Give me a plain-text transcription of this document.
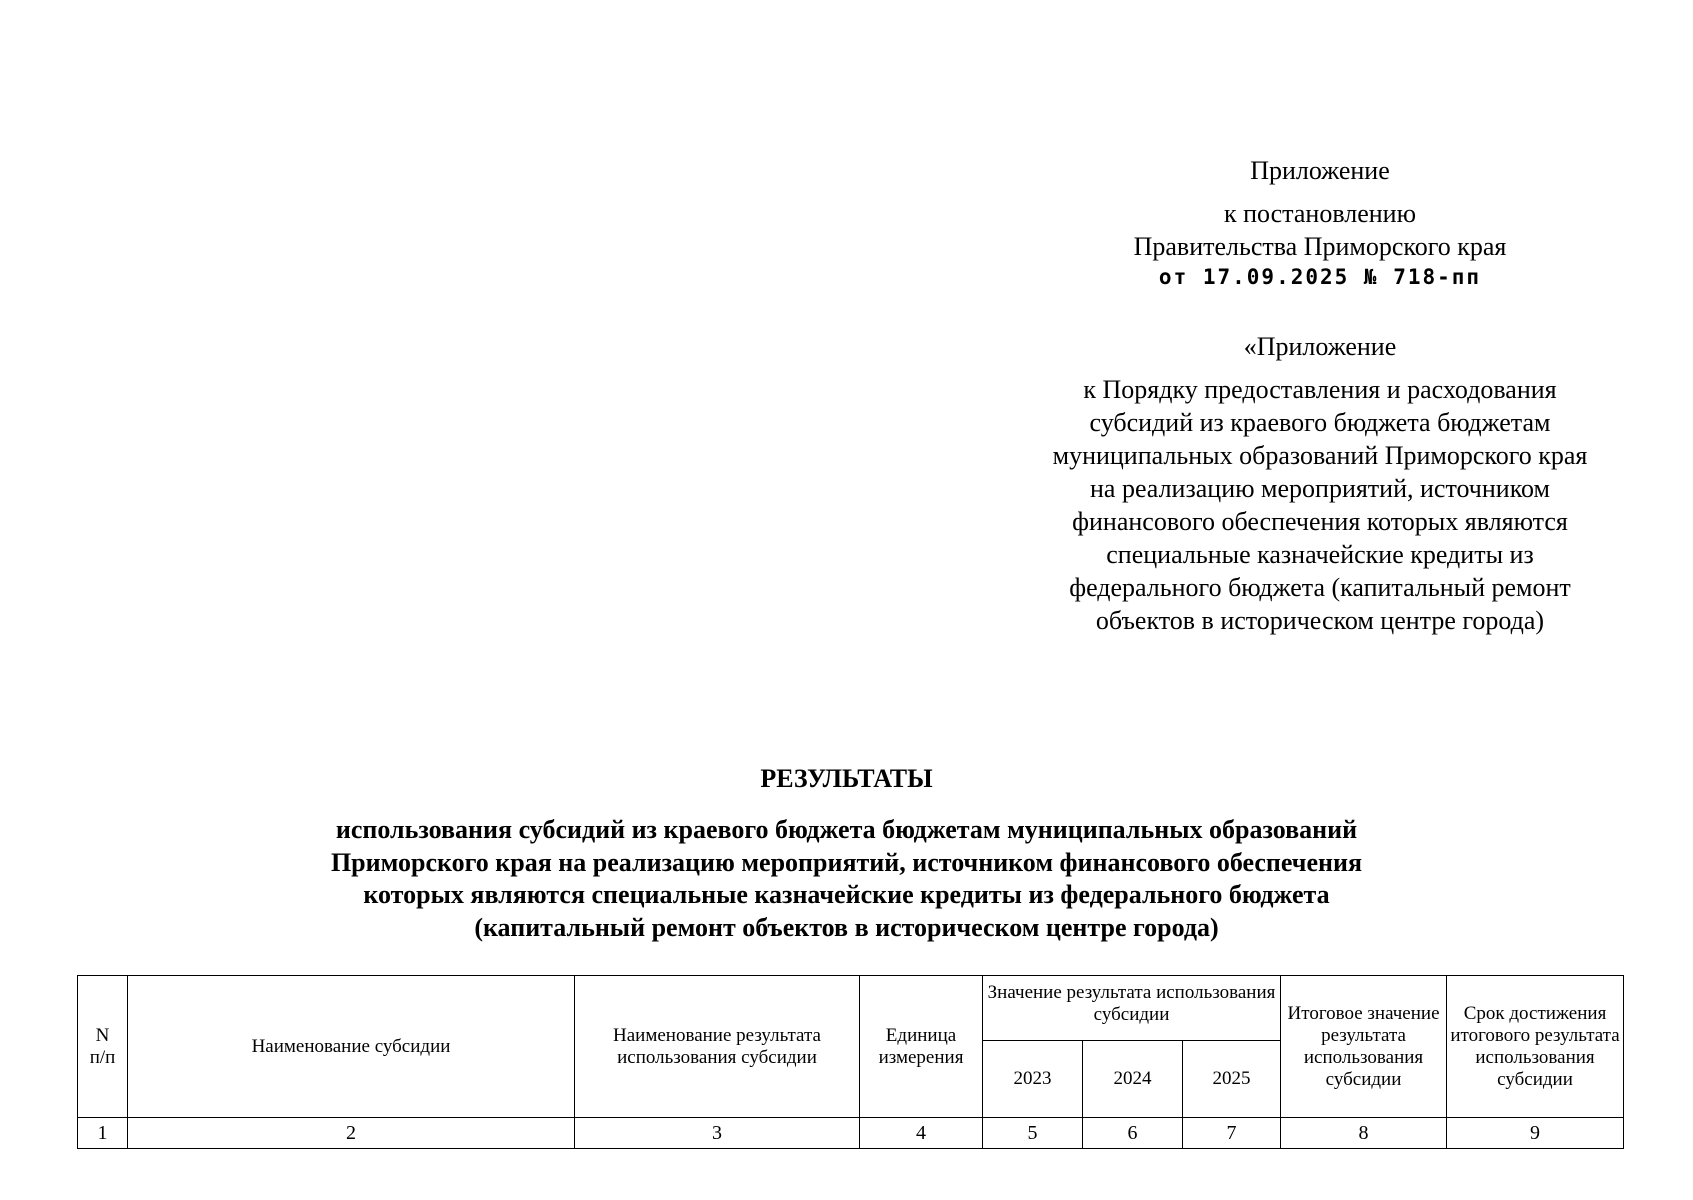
Приложение
к постановлению
Правительства Приморского края
от 17.09.2025 № 718-пп
«Приложение
к Порядку предоставления и расходования
субсидий из краевого бюджета бюджетам
муниципальных образований Приморского края
на реализацию мероприятий, источником
финансового обеспечения которых являются
специальные казначейские кредиты из
федерального бюджета (капитальный ремонт
объектов в историческом центре города)
РЕЗУЛЬТАТЫ
использования субсидий из краевого бюджета бюджетам муниципальных образований
Приморского края на реализацию мероприятий, источником финансового обеспечения
которых являются специальные казначейские кредиты из федерального бюджета
(капитальный ремонт объектов в историческом центре города)
N
п/п	Наименование субсидии	Наименование результата использования субсидии	Единица измерения	Значение результата использования субсидии			Итоговое значение результата использования субсидии	Срок достижения итогового результата использования субсидии
				2023	2024	2025		
1	2	3	4	5	6	7	8	9
